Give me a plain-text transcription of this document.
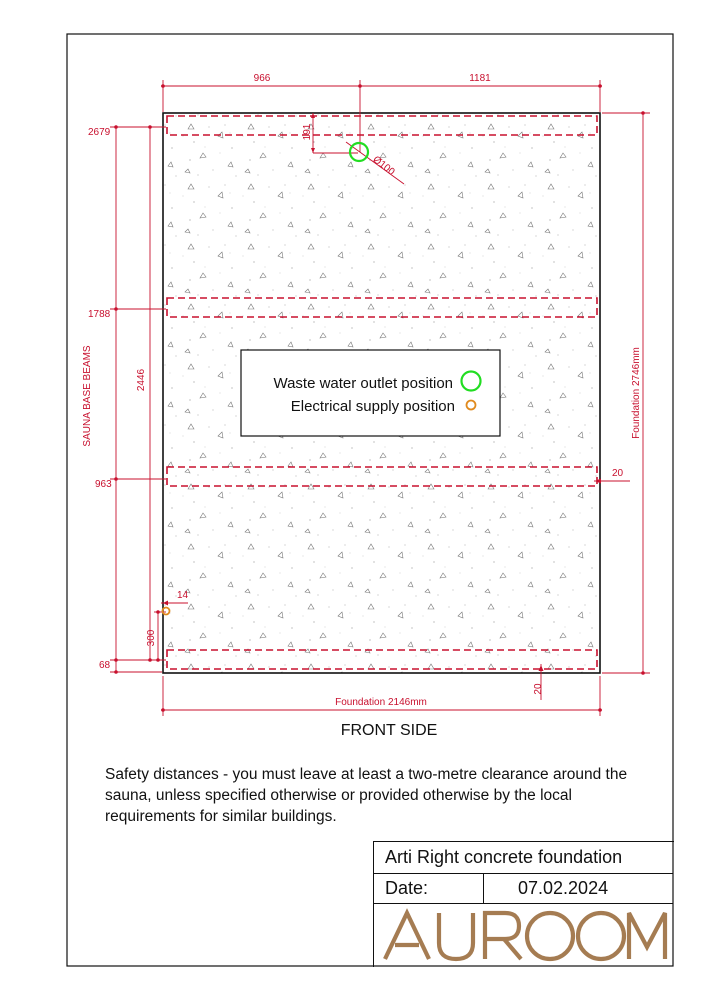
966	1181
191
Ø100
2679
1788
963
68
2446
300
14
20
20
Foundation 2146mm
Foundation 2746mm
SAUNA BASE BEAMS	Waste water outlet position
Electrical supply position
FRONT SIDE

Safety distances - you must leave at least a two-metre clearance around the sauna, unless specified otherwise or provided otherwise by the local requirements for similar buildings.

Arti Right concrete foundation
Date:	07.02.2024
